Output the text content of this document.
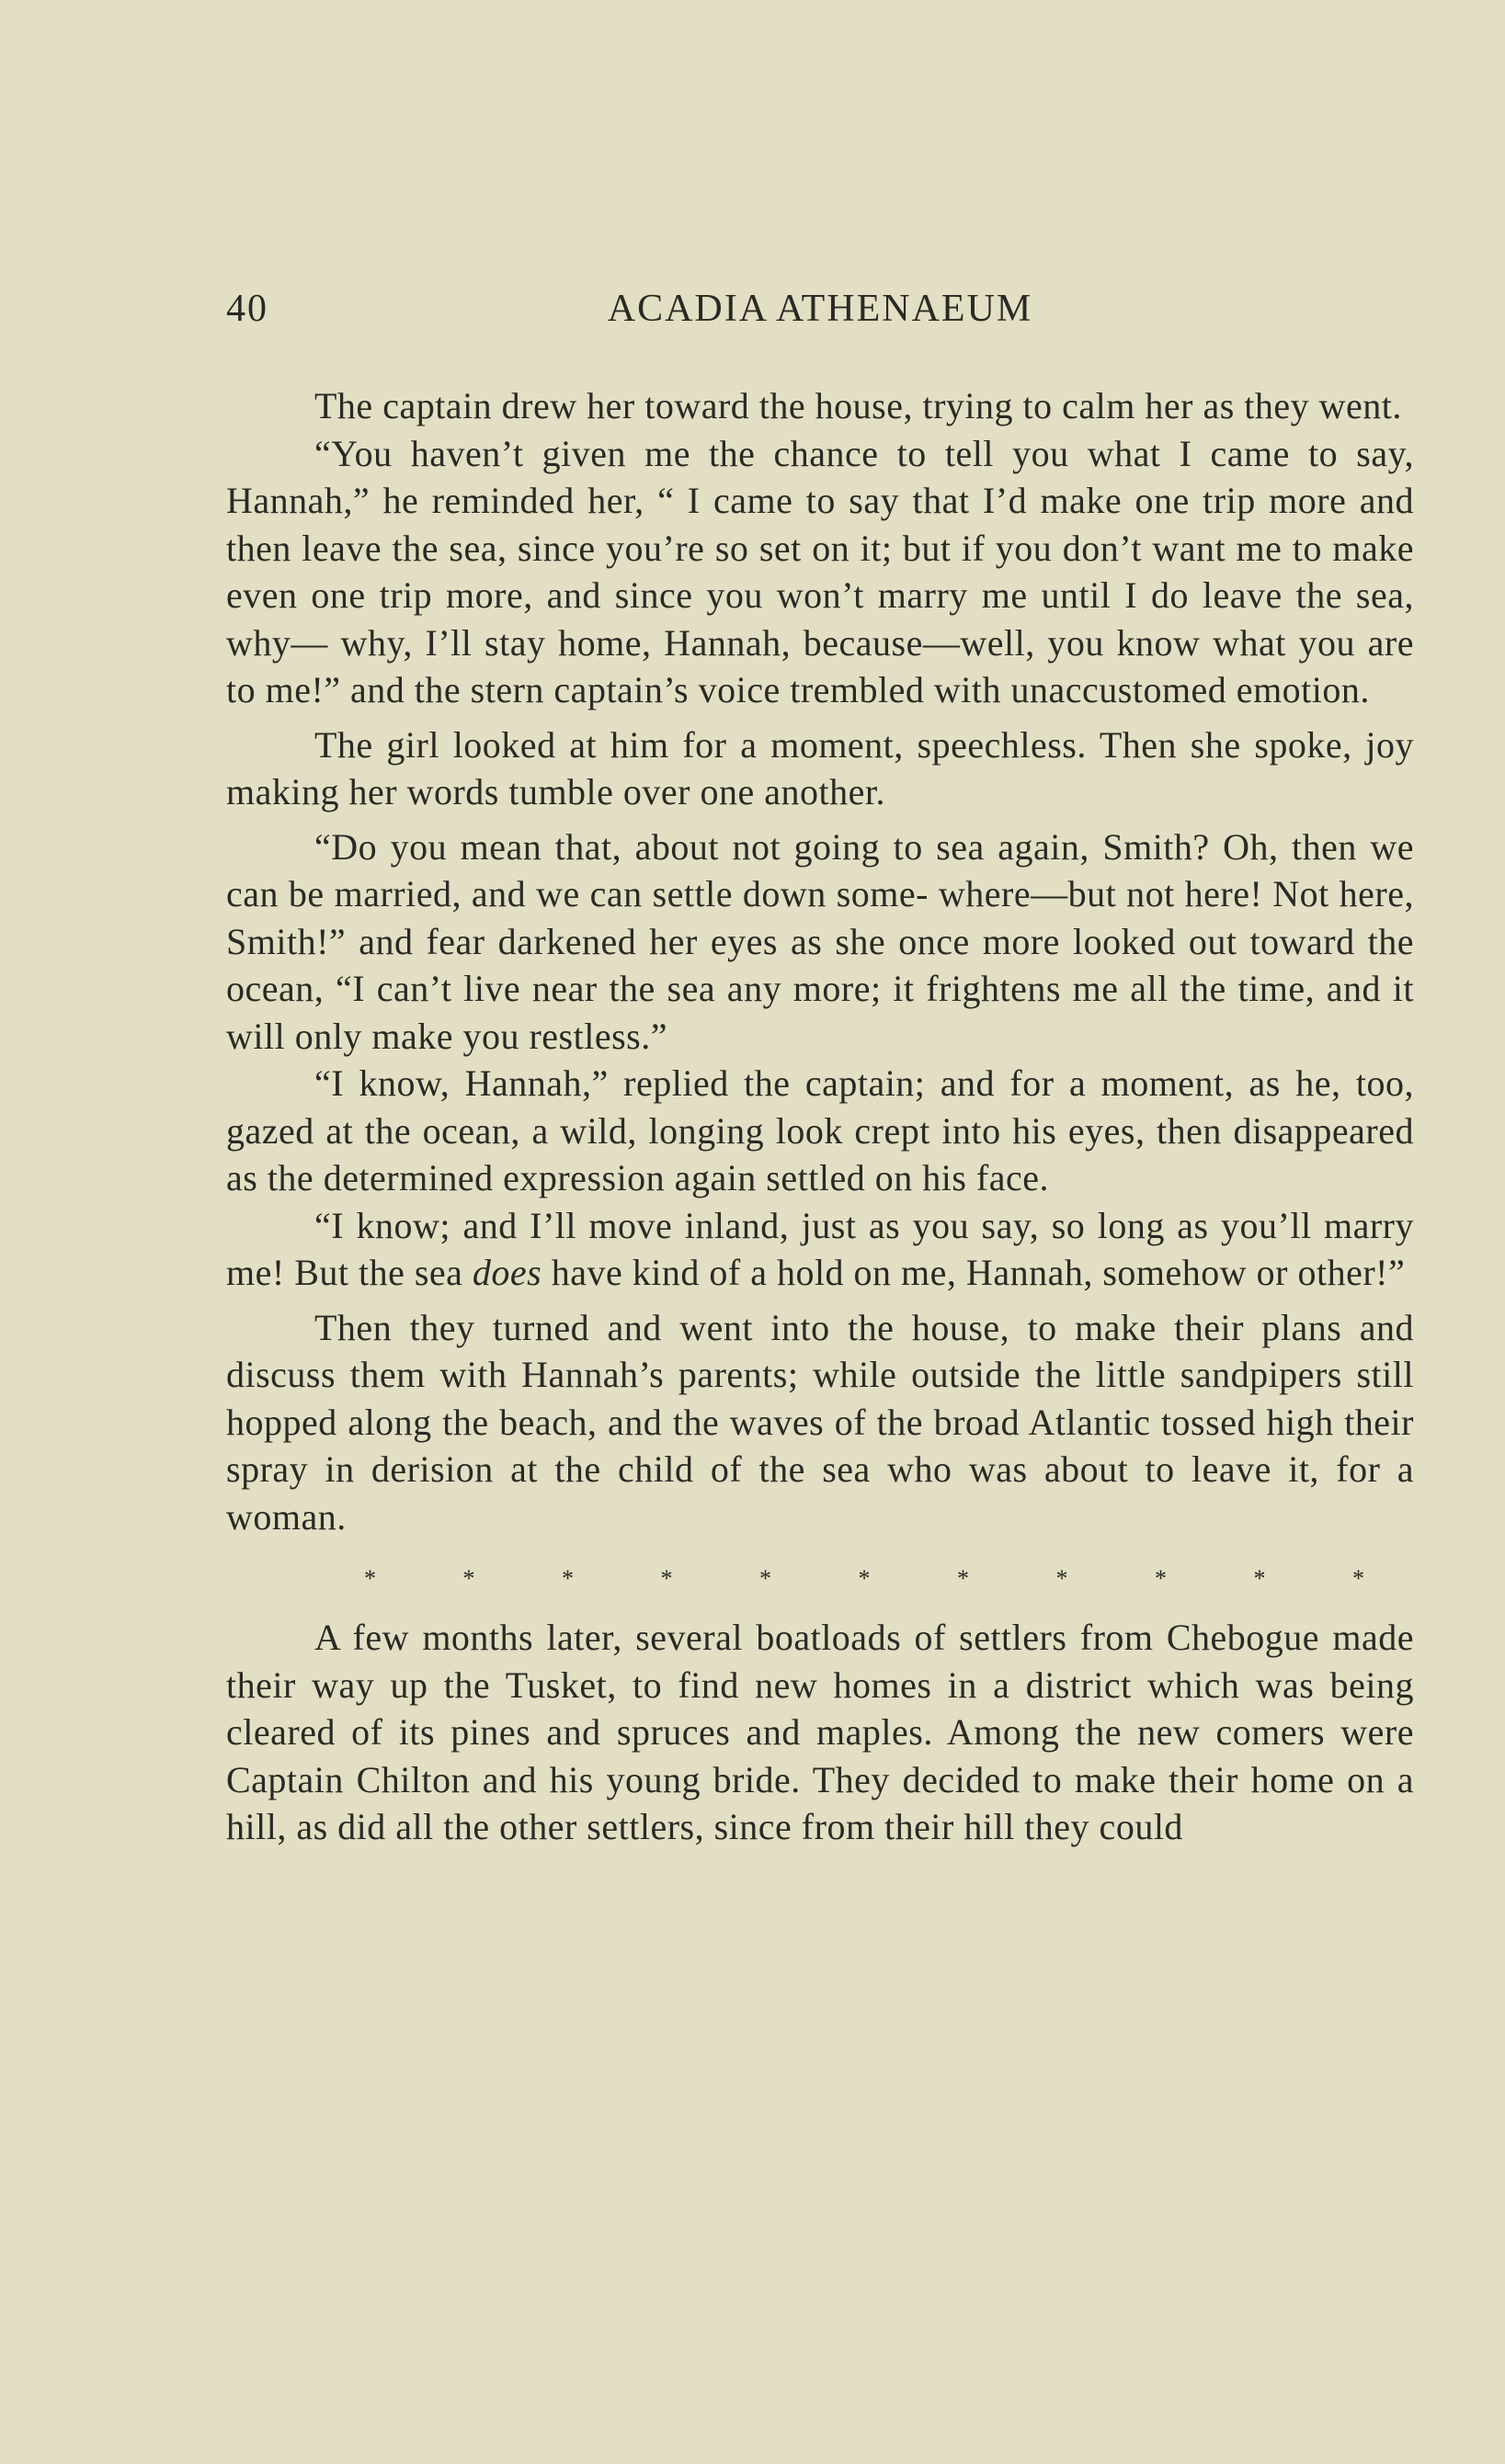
40	ACADIA ATHENAEUM

The captain drew her toward the house, trying to calm her as they went.

“You haven’t given me the chance to tell you what I came to say, Hannah,” he reminded her, “ I came to say that I’d make one trip more and then leave the sea, since you’re so set on it; but if you don’t want me to make even one trip more, and since you won’t marry me until I do leave the sea, why— why, I’ll stay home, Hannah, because—well, you know what you are to me!” and the stern captain’s voice trembled with unaccustomed emotion.

The girl looked at him for a moment, speechless. Then she spoke, joy making her words tumble over one another.

“Do you mean that, about not going to sea again, Smith? Oh, then we can be married, and we can settle down some- where—but not here! Not here, Smith!” and fear darkened her eyes as she once more looked out toward the ocean, “I can’t live near the sea any more; it frightens me all the time, and it will only make you restless.”

“I know, Hannah,” replied the captain; and for a moment, as he, too, gazed at the ocean, a wild, longing look crept into his eyes, then disappeared as the determined expression again settled on his face.

“I know; and I’ll move inland, just as you say, so long as you’ll marry me! But the sea does have kind of a hold on me, Hannah, somehow or other!”

Then they turned and went into the house, to make their plans and discuss them with Hannah’s parents; while outside the little sandpipers still hopped along the beach, and the waves of the broad Atlantic tossed high their spray in derision at the child of the sea who was about to leave it, for a woman.

* * * * * * * * * * *

A few months later, several boatloads of settlers from Chebogue made their way up the Tusket, to find new homes in a district which was being cleared of its pines and spruces and maples. Among the new comers were Captain Chilton and his young bride. They decided to make their home on a hill, as did all the other settlers, since from their hill they could
